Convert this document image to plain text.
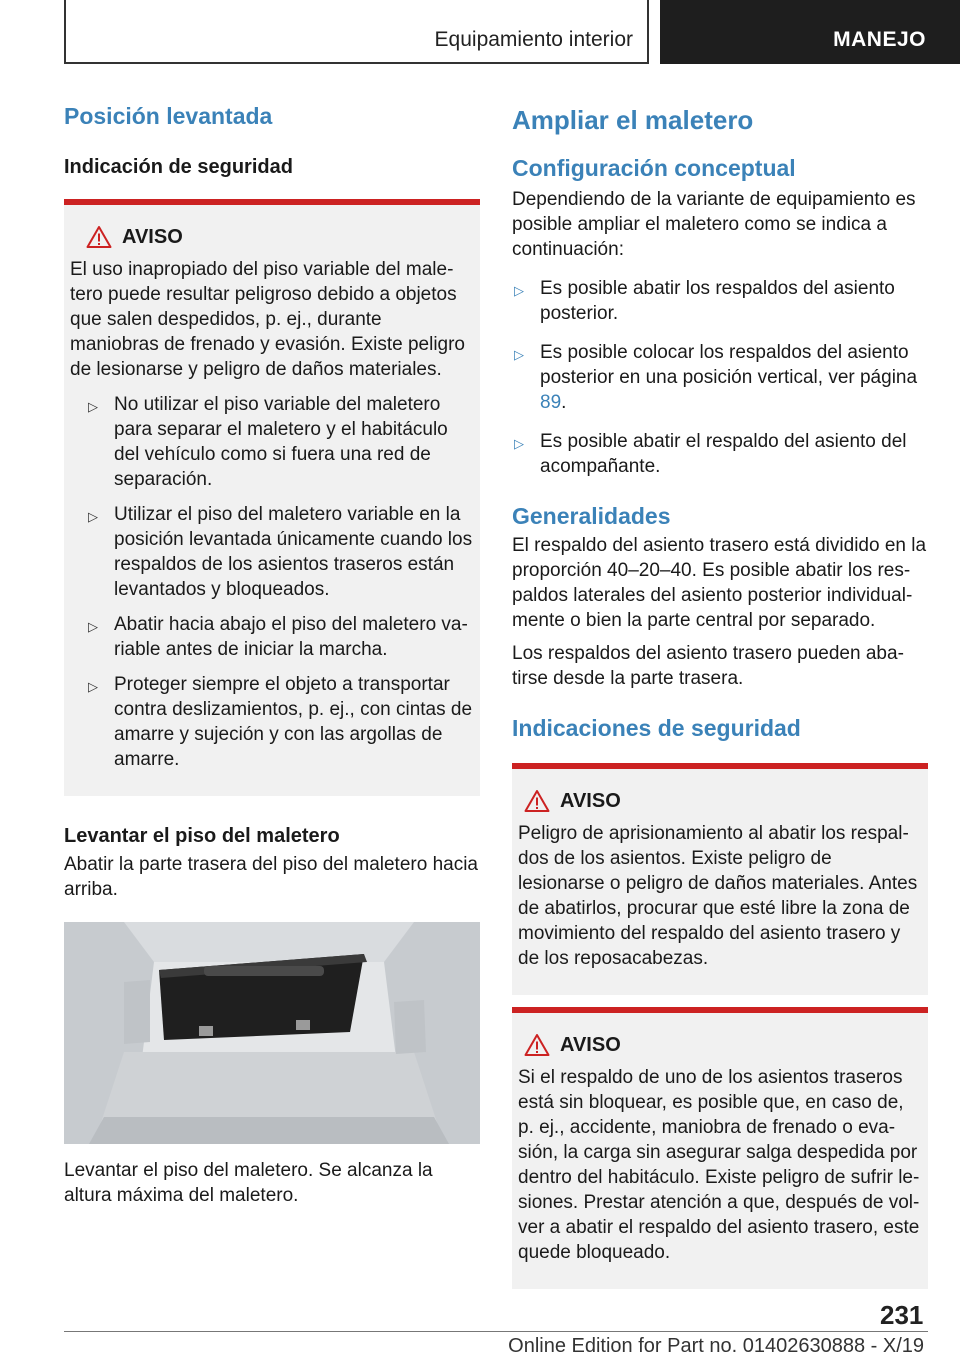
Equipamiento interior	MANEJO
Posición levantada
Indicación de seguridad
AVISO
El uso inapropiado del piso variable del maletero puede resultar peligroso debido a objetos que salen despedidos, p. ej., durante maniobras de frenado y evasión. Existe peligro de lesionarse y peligro de daños materiales.
▷ No utilizar el piso variable del maletero para separar el maletero y el habitáculo del vehículo como si fuera una red de separación.
▷ Utilizar el piso del maletero variable en la posición levantada únicamente cuando los respaldos de los asientos traseros están levantados y bloqueados.
▷ Abatir hacia abajo el piso del maletero variable antes de iniciar la marcha.
▷ Proteger siempre el objeto a transportar contra deslizamientos, p. ej., con cintas de amarre y sujeción y con las argollas de amarre.
Levantar el piso del maletero
Abatir la parte trasera del piso del maletero hacia arriba.
Levantar el piso del maletero. Se alcanza la altura máxima del maletero.
Ampliar el maletero
Configuración conceptual
Dependiendo de la variante de equipamiento es posible ampliar el maletero como se indica a continuación:
▷ Es posible abatir los respaldos del asiento posterior.
▷ Es posible colocar los respaldos del asiento posterior en una posición vertical, ver página 89.
▷ Es posible abatir el respaldo del asiento del acompañante.
Generalidades
El respaldo del asiento trasero está dividido en la proporción 40–20–40. Es posible abatir los respaldos laterales del asiento posterior individualmente o bien la parte central por separado.
Los respaldos del asiento trasero pueden abatirse desde la parte trasera.
Indicaciones de seguridad
AVISO
Peligro de aprisionamiento al abatir los respaldos de los asientos. Existe peligro de lesionarse o peligro de daños materiales. Antes de abatirlos, procurar que esté libre la zona de movimiento del respaldo del asiento trasero y de los reposacabezas.
AVISO
Si el respaldo de uno de los asientos traseros está sin bloquear, es posible que, en caso de, p. ej., accidente, maniobra de frenado o evasión, la carga sin asegurar salga despedida por dentro del habitáculo. Existe peligro de sufrir lesiones. Prestar atención a que, después de volver a abatir el respaldo del asiento trasero, este quede bloqueado.
231
Online Edition for Part no. 01402630888 - X/19
